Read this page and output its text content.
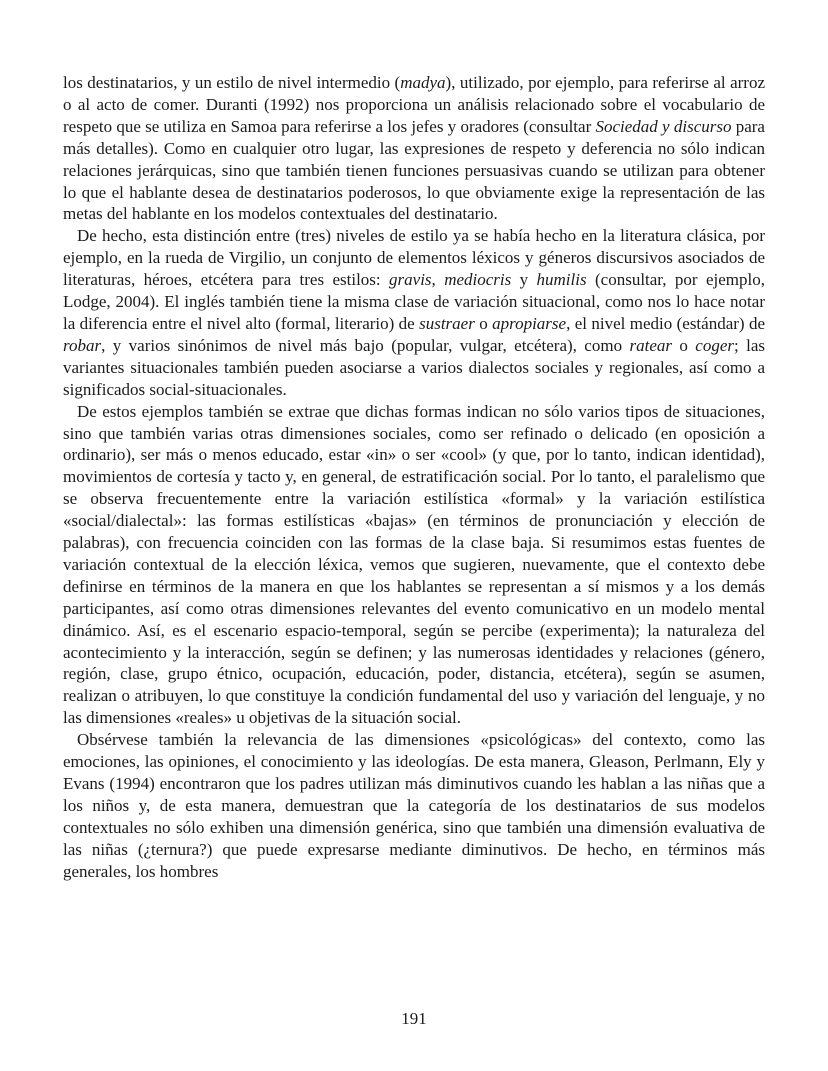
los destinatarios, y un estilo de nivel intermedio (madya), utilizado, por ejemplo, para referirse al arroz o al acto de comer. Duranti (1992) nos proporciona un análisis relacionado sobre el vocabulario de respeto que se utiliza en Samoa para referirse a los jefes y oradores (consultar Sociedad y discurso para más detalles). Como en cualquier otro lugar, las expresiones de respeto y deferencia no sólo indican relaciones jerárquicas, sino que también tienen funciones persuasivas cuando se utilizan para obtener lo que el hablante desea de destinatarios poderosos, lo que obviamente exige la representación de las metas del hablante en los modelos contextuales del destinatario.

De hecho, esta distinción entre (tres) niveles de estilo ya se había hecho en la literatura clásica, por ejemplo, en la rueda de Virgilio, un conjunto de elementos léxicos y géneros discursivos asociados de literaturas, héroes, etcétera para tres estilos: gravis, mediocris y humilis (consultar, por ejemplo, Lodge, 2004). El inglés también tiene la misma clase de variación situacional, como nos lo hace notar la diferencia entre el nivel alto (formal, literario) de sustraer o apropiarse, el nivel medio (estándar) de robar, y varios sinónimos de nivel más bajo (popular, vulgar, etcétera), como ratear o coger; las variantes situacionales también pueden asociarse a varios dialectos sociales y regionales, así como a significados social-situacionales.

De estos ejemplos también se extrae que dichas formas indican no sólo varios tipos de situaciones, sino que también varias otras dimensiones sociales, como ser refinado o delicado (en oposición a ordinario), ser más o menos educado, estar «in» o ser «cool» (y que, por lo tanto, indican identidad), movimientos de cortesía y tacto y, en general, de estratificación social. Por lo tanto, el paralelismo que se observa frecuentemente entre la variación estilística «formal» y la variación estilística «social/dialectal»: las formas estilísticas «bajas» (en términos de pronunciación y elección de palabras), con frecuencia coinciden con las formas de la clase baja. Si resumimos estas fuentes de variación contextual de la elección léxica, vemos que sugieren, nuevamente, que el contexto debe definirse en términos de la manera en que los hablantes se representan a sí mismos y a los demás participantes, así como otras dimensiones relevantes del evento comunicativo en un modelo mental dinámico. Así, es el escenario espacio-temporal, según se percibe (experimenta); la naturaleza del acontecimiento y la interacción, según se definen; y las numerosas identidades y relaciones (género, región, clase, grupo étnico, ocupación, educación, poder, distancia, etcétera), según se asumen, realizan o atribuyen, lo que constituye la condición fundamental del uso y variación del lenguaje, y no las dimensiones «reales» u objetivas de la situación social.

Obsérvese también la relevancia de las dimensiones «psicológicas» del contexto, como las emociones, las opiniones, el conocimiento y las ideologías. De esta manera, Gleason, Perlmann, Ely y Evans (1994) encontraron que los padres utilizan más diminutivos cuando les hablan a las niñas que a los niños y, de esta manera, demuestran que la categoría de los destinatarios de sus modelos contextuales no sólo exhiben una dimensión genérica, sino que también una dimensión evaluativa de las niñas (¿ternura?) que puede expresarse mediante diminutivos. De hecho, en términos más generales, los hombres

191
